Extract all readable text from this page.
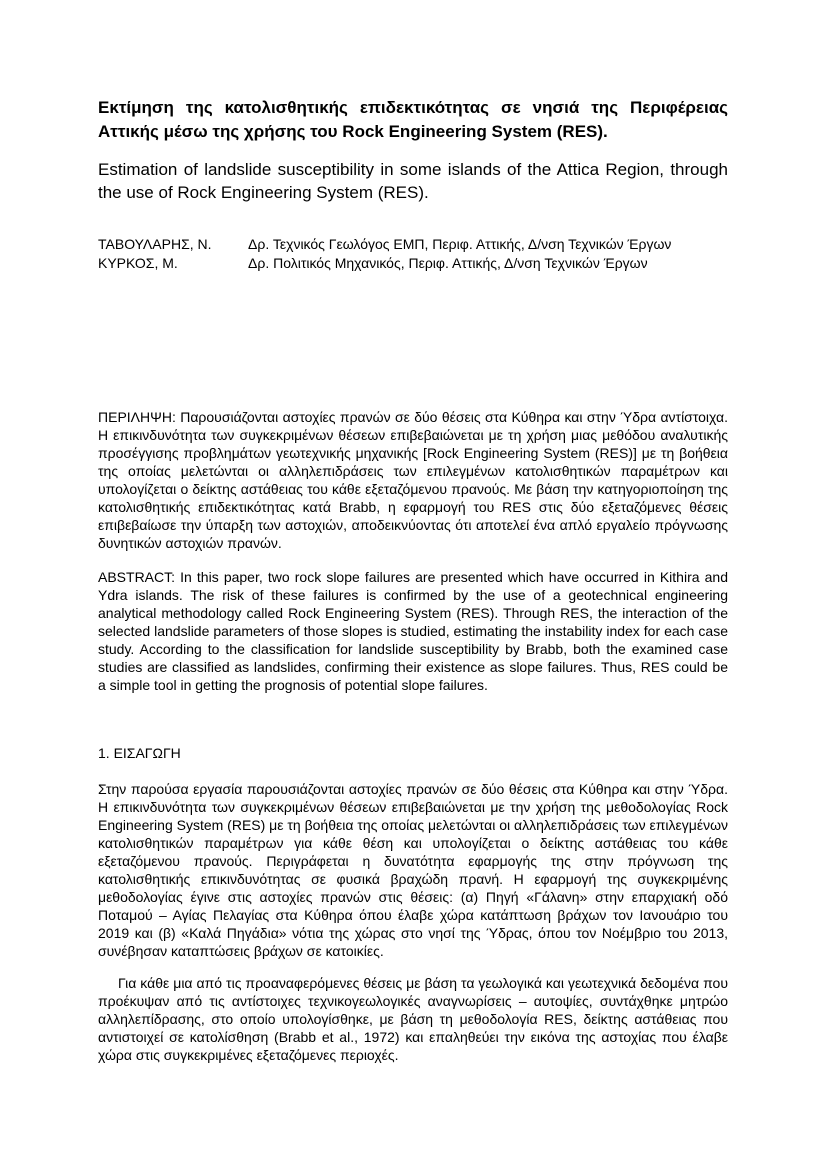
Εκτίμηση της κατολισθητικής επιδεκτικότητας σε νησιά της Περιφέρειας Αττικής μέσω της χρήσης του Rock Engineering System (RES).
Estimation of landslide susceptibility in some islands of the Attica Region, through the use of Rock Engineering System (RES).
ΤΑΒΟΥΛΑΡΗΣ, Ν.	Δρ. Τεχνικός Γεωλόγος ΕΜΠ, Περιφ. Αττικής, Δ/νση Τεχνικών Έργων
ΚΥΡΚΟΣ, Μ.	Δρ. Πολιτικός Μηχανικός, Περιφ. Αττικής, Δ/νση Τεχνικών Έργων

ΠΕΡΙΛΗΨΗ: Παρουσιάζονται αστοχίες πρανών σε δύο θέσεις στα Κύθηρα και στην Ύδρα αντίστοιχα. Η επικινδυνότητα των συγκεκριμένων θέσεων επιβεβαιώνεται με τη χρήση μιας μεθόδου αναλυτικής προσέγγισης προβλημάτων γεωτεχνικής μηχανικής [Rock Engineering System (RES)] με τη βοήθεια της οποίας μελετώνται οι αλληλεπιδράσεις των επιλεγμένων κατολισθητικών παραμέτρων και υπολογίζεται ο δείκτης αστάθειας του κάθε εξεταζόμενου πρανούς. Με βάση την κατηγοριοποίηση της κατολισθητικής επιδεκτικότητας κατά Brabb, η εφαρμογή του RES στις δύο εξεταζόμενες θέσεις επιβεβαίωσε την ύπαρξη των αστοχιών, αποδεικνύοντας ότι αποτελεί ένα απλό εργαλείο πρόγνωσης δυνητικών αστοχιών πρανών.

ABSTRACT: In this paper, two rock slope failures are presented which have occurred in Kithira and Ydra islands. The risk of these failures is confirmed by the use of a geotechnical engineering analytical methodology called Rock Engineering System (RES). Through RES, the interaction of the selected landslide parameters of those slopes is studied, estimating the instability index for each case study. According to the classification for landslide susceptibility by Brabb, both the examined case studies are classified as landslides, confirming their existence as slope failures. Thus, RES could be a simple tool in getting the prognosis of potential slope failures.

1. ΕΙΣΑΓΩΓΗ

Στην παρούσα εργασία παρουσιάζονται αστοχίες πρανών σε δύο θέσεις στα Κύθηρα και στην Ύδρα. Η επικινδυνότητα των συγκεκριμένων θέσεων επιβεβαιώνεται με την χρήση της μεθοδολογίας Rock Engineering System (RES) με τη βοήθεια της οποίας μελετώνται οι αλληλεπιδράσεις των επιλεγμένων κατολισθητικών παραμέτρων για κάθε θέση και υπολογίζεται ο δείκτης αστάθειας του κάθε εξεταζόμενου πρανούς. Περιγράφεται η δυνατότητα εφαρμογής της στην πρόγνωση της κατολισθητικής επικινδυνότητας σε φυσικά βραχώδη πρανή. Η εφαρμογή της συγκεκριμένης μεθοδολογίας έγινε στις αστοχίες πρανών στις θέσεις: (α) Πηγή «Γάλανη» στην επαρχιακή οδό Ποταμού – Αγίας Πελαγίας στα Κύθηρα όπου έλαβε χώρα κατάπτωση βράχων τον Ιανουάριο του 2019 και (β) «Καλά Πηγάδια» νότια της χώρας στο νησί της Ύδρας, όπου τον Νοέμβριο του 2013, συνέβησαν καταπτώσεις βράχων σε κατοικίες.

Για κάθε μια από τις προαναφερόμενες θέσεις με βάση τα γεωλογικά και γεωτεχνικά δεδομένα που προέκυψαν από τις αντίστοιχες τεχνικογεωλογικές αναγνωρίσεις – αυτοψίες, συντάχθηκε μητρώο αλληλεπίδρασης, στο οποίο υπολογίσθηκε, με βάση τη μεθοδολογία RES, δείκτης αστάθειας που αντιστοιχεί σε κατολίσθηση (Brabb et al., 1972) και επαληθεύει την εικόνα της αστοχίας που έλαβε χώρα στις συγκεκριμένες εξεταζόμενες περιοχές.
